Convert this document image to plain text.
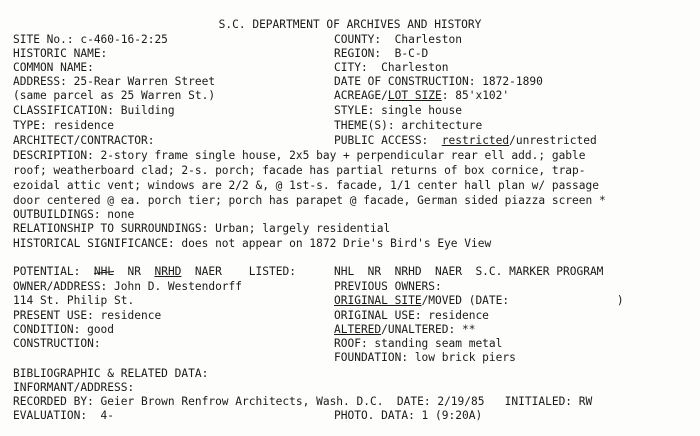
S.C. DEPARTMENT OF ARCHIVES AND HISTORY
SITE No.: c-460-16-2:25
HISTORIC NAME:
COMMON NAME:
ADDRESS: 25-Rear Warren Street
(same parcel as 25 Warren St.)
CLASSIFICATION: Building
TYPE: residence
ARCHITECT/CONTRACTOR:
COUNTY:  Charleston
REGION:  B-C-D
CITY:  Charleston
DATE OF CONSTRUCTION: 1872-1890
ACREAGE/LOT SIZE: 85'x102'
STYLE: single house
THEME(S): architecture
PUBLIC ACCESS:  restricted/unrestricted
DESCRIPTION: 2-story frame single house, 2x5 bay + perpendicular rear ell add.; gable
roof; weatherboard clad; 2-s. porch; facade has partial returns of box cornice, trap-
ezoidal attic vent; windows are 2/2 &, @ 1st-s. facade, 1/1 center hall plan w/ passage
door centered @ ea. porch tier; porch has parapet @ facade, German sided piazza screen *
OUTBUILDINGS: none
RELATIONSHIP TO SURROUNDINGS: Urban; largely residential
HISTORICAL SIGNIFICANCE: does not appear on 1872 Drie's Bird's Eye View
POTENTIAL:  NHL  NR  NRHD  NAER    LISTED:	NHL  NR  NRHD  NAER  S.C. MARKER PROGRAM
OWNER/ADDRESS: John D. Westendorff
114 St. Philip St.
PRESENT USE: residence
CONDITION: good
CONSTRUCTION:
PREVIOUS OWNERS:
ORIGINAL SITE/MOVED (DATE:                )
ORIGINAL USE: residence
ALTERED/UNALTERED: **
ROOF: standing seam metal
FOUNDATION: low brick piers
BIBLIOGRAPHIC & RELATED DATA:
INFORMANT/ADDRESS:
RECORDED BY: Geier Brown Renfrow Architects, Wash. D.C.  DATE: 2/19/85   INITIALED: RW
EVALUATION:  4-	PHOTO. DATA: 1 (9:20A)
